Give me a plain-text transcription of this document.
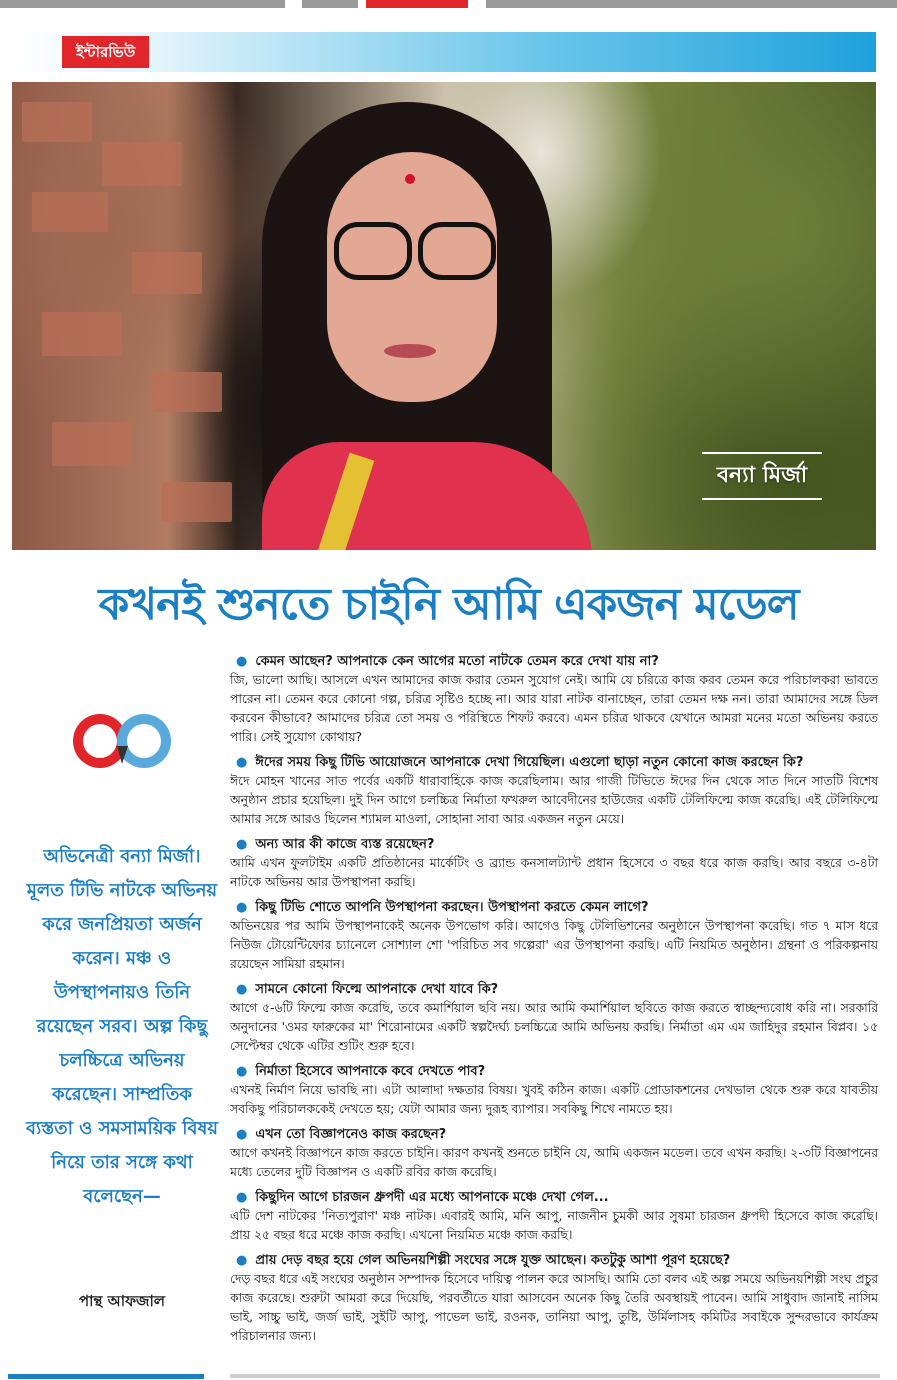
ইন্টারভিউ
বন্যা মির্জা
কখনই শুনতে চাইনি আমি একজন মডেল
অভিনেত্রী বন্যা মির্জা। মূলত টিভি নাটকে অভিনয় করে জনপ্রিয়তা অর্জন করেন। মঞ্চ ও উপস্থাপনায়ও তিনি রয়েছেন সরব। অল্প কিছু চলচ্চিত্রে অভিনয় করেছেন। সাম্প্রতিক ব্যস্ততা ও সমসাময়িক বিষয় নিয়ে তার সঙ্গে কথা বলেছেন—
পান্থ আফজাল
● কেমন আছেন? আপনাকে কেন আগের মতো নাটকে তেমন করে দেখা যায় না?
জি, ভালো আছি। আসলে এখন আমাদের কাজ করার তেমন সুযোগ নেই। আমি যে চরিত্রে কাজ করব তেমন করে পরিচালকরা ভাবতে পারেন না। তেমন করে কোনো গল্প, চরিত্র সৃষ্টিও হচ্ছে না। আর যারা নাটক বানাচ্ছেন, তারা তেমন দক্ষ নন। তারা আমাদের সঙ্গে ডিল করবেন কীভাবে? আমাদের চরিত্র তো সময় ও পরিস্থিতে শিফট করবে। এমন চরিত্র থাকবে যেখানে আমরা মনের মতো অভিনয় করতে পারি। সেই সুযোগ কোথায়?
● ঈদের সময় কিছু টিভি আয়োজনে আপনাকে দেখা গিয়েছিল। এগুলো ছাড়া নতুন কোনো কাজ করছেন কি?
ঈদে মোহন খানের সাত পর্বের একটি ধারাবাহিকে কাজ করেছিলাম। আর গাজী টিভিতে ঈদের দিন থেকে সাত দিনে সাতটি বিশেষ অনুষ্ঠান প্রচার হয়েছিল। দুই দিন আগে চলচ্চিত্র নির্মাতা ফখরুল আবেদীনের হাউজের একটি টেলিফিল্মে কাজ করেছি। এই টেলিফিল্মে আমার সঙ্গে আরও ছিলেন শ্যামল মাওলা, সোহানা সাবা আর একজন নতুন মেয়ে।
● অন্য আর কী কাজে ব্যস্ত রয়েছেন?
আমি এখন ফুলটাইম একটি প্রতিষ্ঠানের মার্কেটিং ও ব্র্যান্ড কনসালট্যান্ট প্রধান হিসেবে ৩ বছর ধরে কাজ করছি। আর বছরে ৩-৪টা নাটকে অভিনয় আর উপস্থাপনা করছি।
● কিছু টিভি শোতে আপনি উপস্থাপনা করছেন। উপস্থাপনা করতে কেমন লাগে?
অভিনয়ের পর আমি উপস্থাপনাকেই অনেক উপভোগ করি। আগেও কিছু টেলিভিশনের অনুষ্ঠানে উপস্থাপনা করেছি। গত ৭ মাস ধরে নিউজ টোয়েন্টিফোর চ্যানেলে সোশ্যাল শো 'পরিচিত সব গল্পেরা' এর উপস্থাপনা করছি। এটি নিয়মিত অনুষ্ঠান। গ্রন্থনা ও পরিকল্পনায় রয়েছেন সামিয়া রহমান।
● সামনে কোনো ফিল্মে আপনাকে দেখা যাবে কি?
আগে ৫-৬টি ফিল্মে কাজ করেছি, তবে কমার্শিয়াল ছবি নয়। আর আমি কমার্শিয়াল ছবিতে কাজ করতে স্বাচ্ছন্দ্যবোধ করি না। সরকারি অনুদানের 'ওমর ফারুকের মা' শিরোনামের একটি স্বল্পদৈর্ঘ্য চলচ্চিত্রে আমি অভিনয় করছি। নির্মাতা এম এম জাহিদুর রহমান বিপ্লব। ১৫ সেপ্টেম্বর থেকে এটির শুটিং শুরু হবে।
● নির্মাতা হিসেবে আপনাকে কবে দেখতে পাব?
এখনই নির্মাণ নিয়ে ভাবছি না। এটা আলাদা দক্ষতার বিষয়। খুবই কঠিন কাজ। একটি প্রোডাকশনের দেখভাল থেকে শুরু করে যাবতীয় সবকিছু পরিচালককেই দেখতে হয়; যেটা আমার জন্য দুরূহ ব্যাপার। সবকিছু শিখে নামতে হয়।
● এখন তো বিজ্ঞাপনেও কাজ করছেন?
আগে কখনই বিজ্ঞাপনে কাজ করতে চাইনি। কারণ কখনই শুনতে চাইনি যে, আমি একজন মডেল। তবে এখন করছি। ২-৩টি বিজ্ঞাপনের মধ্যে তেলের দুটি বিজ্ঞাপন ও একটি রবির কাজ করেছি।
● কিছুদিন আগে চারজন ধ্রুপদী এর মধ্যে আপনাকে মঞ্চে দেখা গেল...
এটি দেশ নাটকের 'নিত্যপুরাণ' মঞ্চ নাটক। এবারই আমি, মনি আপু, নাজনীন চুমকী আর সুষমা চারজন ধ্রুপদী হিসেবে কাজ করেছি। প্রায় ২৫ বছর ধরে মঞ্চে কাজ করছি। এখনো নিয়মিত মঞ্চে কাজ করছি।
● প্রায় দেড় বছর হয়ে গেল অভিনয়শিল্পী সংঘের সঙ্গে যুক্ত আছেন। কতটুকু আশা পূরণ হয়েছে?
দেড় বছর ধরে এই সংঘের অনুষ্ঠান সম্পাদক হিসেবে দায়িত্ব পালন করে আসছি। আমি তো বলব এই অল্প সময়ে অভিনয়শিল্পী সংঘ প্রচুর কাজ করেছে। শুরুটা আমরা করে দিয়েছি, পরবর্তীতে যারা আসবেন অনেক কিছু তৈরি অবস্থায়ই পাবেন। আমি সাধুবাদ জানাই নাসিম ভাই, সাচ্চু ভাই, জর্জ ভাই, সুইটি আপু, পাভেল ভাই, রওনক, তানিয়া আপু, তুষ্টি, উর্মিলাসহ কমিটির সবাইকে সুন্দরভাবে কার্যক্রম পরিচালনার জন্য।
